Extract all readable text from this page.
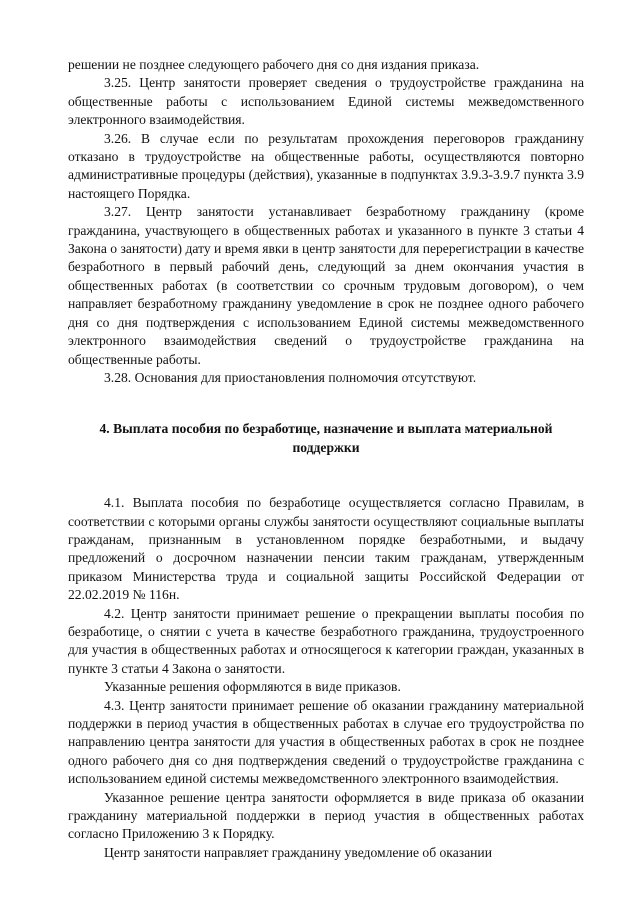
решении не позднее следующего рабочего дня со дня издания приказа.

3.25. Центр занятости проверяет сведения о трудоустройстве гражданина на общественные работы с использованием Единой системы межведомственного электронного взаимодействия.

3.26. В случае если по результатам прохождения переговоров гражданину отказано в трудоустройстве на общественные работы, осуществляются повторно административные процедуры (действия), указанные в подпунктах 3.9.3-3.9.7 пункта 3.9 настоящего Порядка.

3.27. Центр занятости устанавливает безработному гражданину (кроме гражданина, участвующего в общественных работах и указанного в пункте 3 статьи 4 Закона о занятости) дату и время явки в центр занятости для перерегистрации в качестве безработного в первый рабочий день, следующий за днем окончания участия в общественных работах (в соответствии со срочным трудовым договором), о чем направляет безработному гражданину уведомление в срок не позднее одного рабочего дня со дня подтверждения с использованием Единой системы межведомственного электронного взаимодействия сведений о трудоустройстве гражданина на общественные работы.

3.28. Основания для приостановления полномочия отсутствуют.

4. Выплата пособия по безработице, назначение и выплата материальной поддержки

4.1. Выплата пособия по безработице осуществляется согласно Правилам, в соответствии с которыми органы службы занятости осуществляют социальные выплаты гражданам, признанным в установленном порядке безработными, и выдачу предложений о досрочном назначении пенсии таким гражданам, утвержденным приказом Министерства труда и социальной защиты Российской Федерации от 22.02.2019 № 116н.

4.2. Центр занятости принимает решение о прекращении выплаты пособия по безработице, о снятии с учета в качестве безработного гражданина, трудоустроенного для участия в общественных работах и относящегося к категории граждан, указанных в пункте 3 статьи 4 Закона о занятости.

Указанные решения оформляются в виде приказов.

4.3. Центр занятости принимает решение об оказании гражданину материальной поддержки в период участия в общественных работах в случае его трудоустройства по направлению центра занятости для участия в общественных работах в срок не позднее одного рабочего дня со дня подтверждения сведений о трудоустройстве гражданина с использованием единой системы межведомственного электронного взаимодействия.

Указанное решение центра занятости оформляется в виде приказа об оказании гражданину материальной поддержки в период участия в общественных работах согласно Приложению 3 к Порядку.

Центр занятости направляет гражданину уведомление об оказании
